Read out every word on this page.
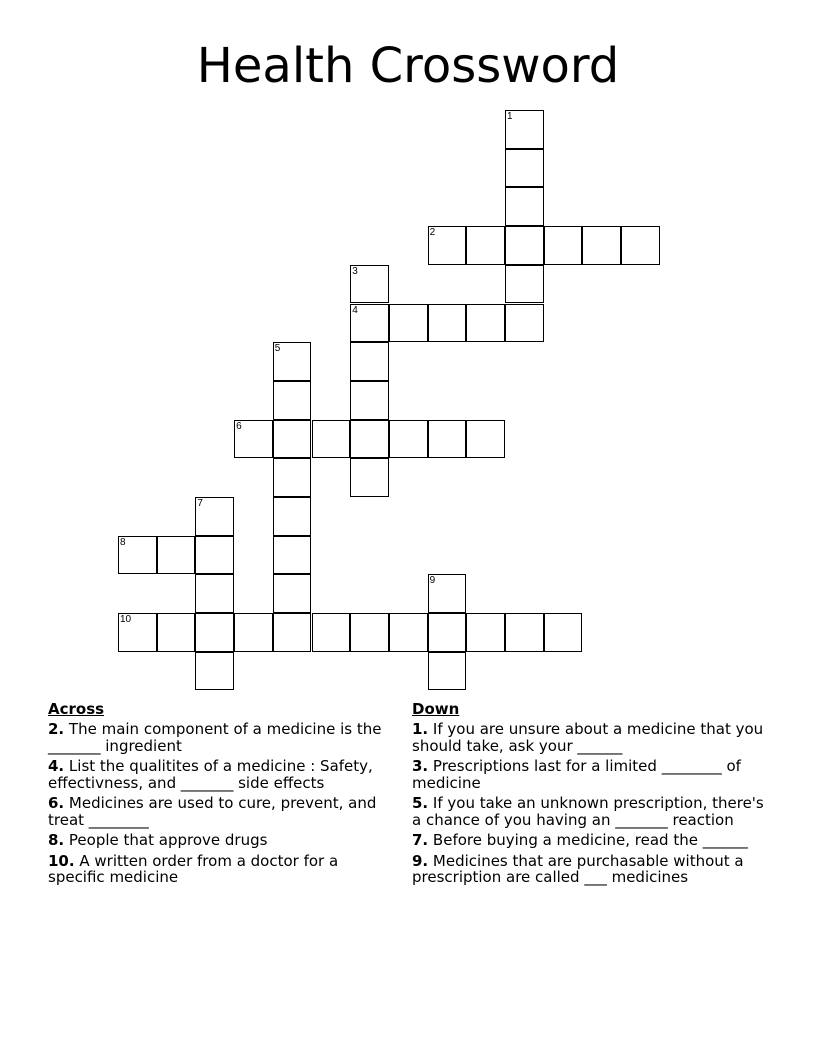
Health Crossword
1
2
3
4
5
6
7
8
9
10
Across
2. The main component of a medicine is the _______ ingredient
4. List the qualitites of a medicine : Safety, effectivness, and _______ side effects
6. Medicines are used to cure, prevent, and treat ________
8. People that approve drugs
10. A written order from a doctor for a specific medicine
Down
1. If you are unsure about a medicine that you should take, ask your ______
3. Prescriptions last for a limited ________ of medicine
5. If you take an unknown prescription, there's a chance of you having an _______ reaction
7. Before buying a medicine, read the ______
9. Medicines that are purchasable without a prescription are called ___ medicines
